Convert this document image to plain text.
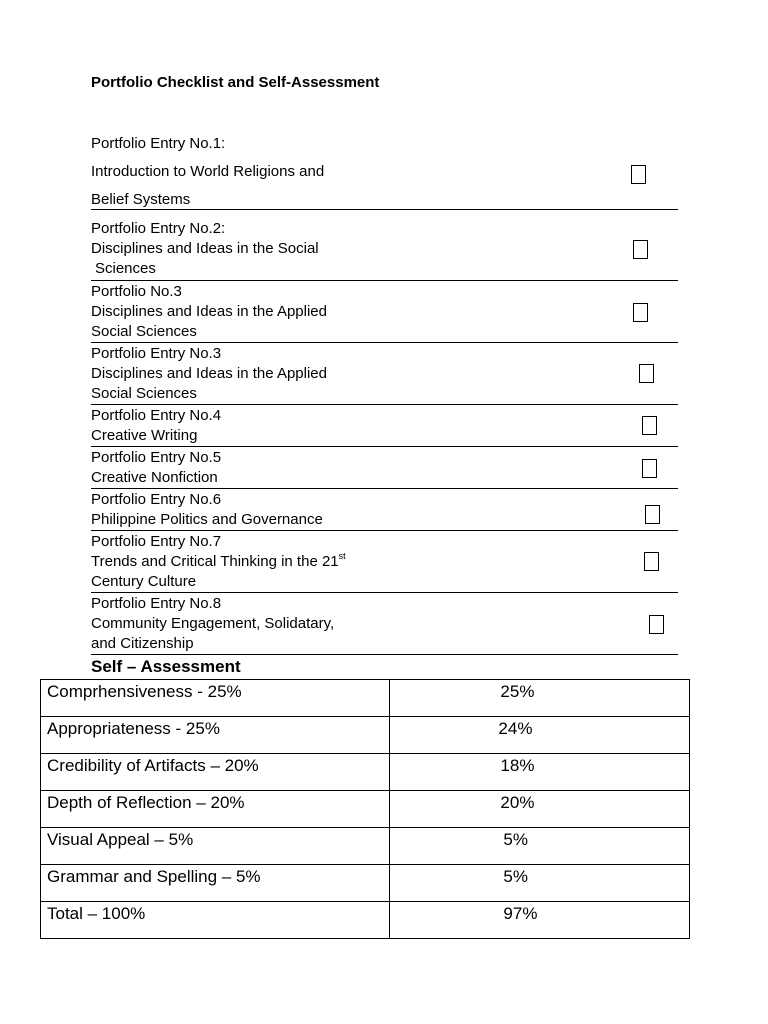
Portfolio Checklist and Self-Assessment
Portfolio Entry No.1:
Introduction to World Religions and
Belief Systems
Portfolio Entry No.2:
Disciplines and Ideas in the Social
Sciences
Portfolio No.3
Disciplines and Ideas in the Applied
Social Sciences
Portfolio Entry No.3
Disciplines and Ideas in the Applied
Social Sciences
Portfolio Entry No.4
Creative Writing
Portfolio Entry No.5
Creative Nonfiction
Portfolio Entry No.6
Philippine Politics and Governance
Portfolio Entry No.7
Trends and Critical Thinking in the 21st
Century Culture
Portfolio Entry No.8
Community Engagement, Solidatary,
and Citizenship
Self – Assessment
Comprhensiveness - 25%	25%
Appropriateness - 25%	24%
Credibility of Artifacts – 20%	18%
Depth of Reflection – 20%	20%
Visual Appeal – 5%	5%
Grammar and Spelling – 5%	5%
Total – 100%	97%
